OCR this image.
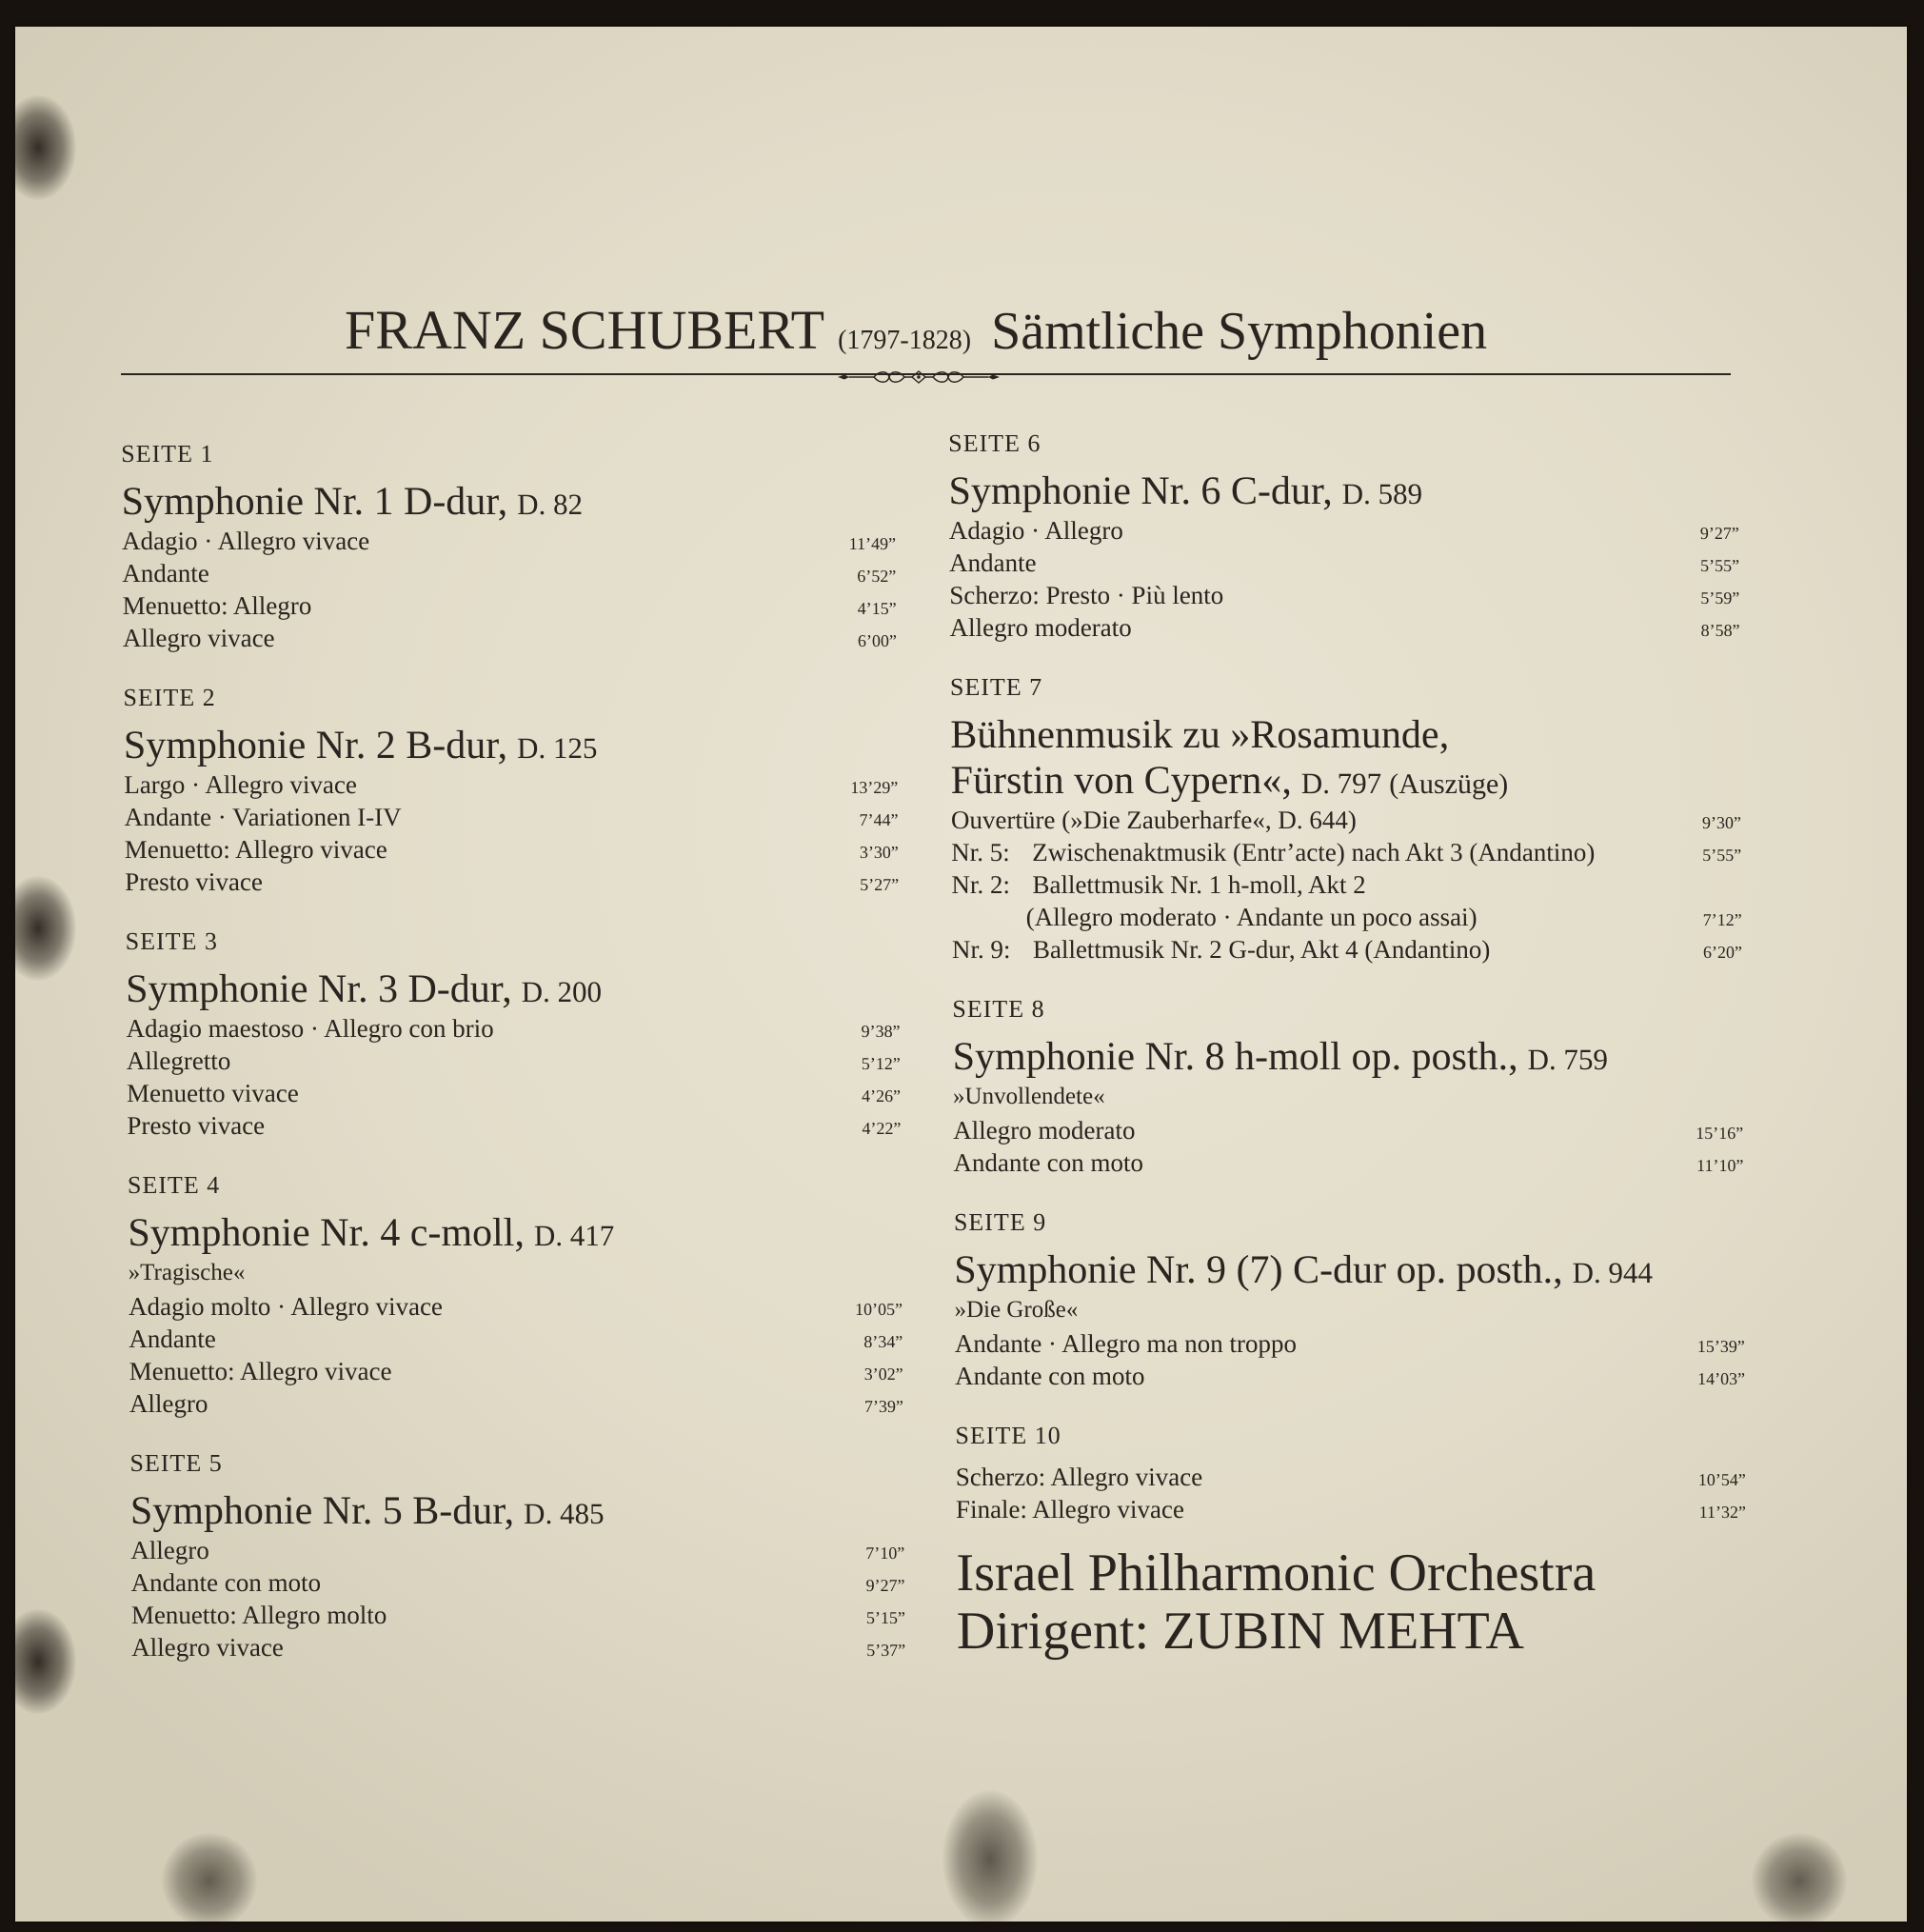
FRANZ SCHUBERT (1797-1828) Sämtliche Symphonien
SEITE 1
Symphonie Nr. 1 D-dur, D. 82
Adagio · Allegro vivace	11’49”
Andante	6’52”
Menuetto: Allegro	4’15”
Allegro vivace	6’00”
SEITE 2
Symphonie Nr. 2 B-dur, D. 125
Largo · Allegro vivace	13’29”
Andante · Variationen I-IV	7’44”
Menuetto: Allegro vivace	3’30”
Presto vivace	5’27”
SEITE 3
Symphonie Nr. 3 D-dur, D. 200
Adagio maestoso · Allegro con brio	9’38”
Allegretto	5’12”
Menuetto vivace	4’26”
Presto vivace	4’22”
SEITE 4
Symphonie Nr. 4 c-moll, D. 417
»Tragische«
Adagio molto · Allegro vivace	10’05”
Andante	8’34”
Menuetto: Allegro vivace	3’02”
Allegro	7’39”
SEITE 5
Symphonie Nr. 5 B-dur, D. 485
Allegro	7’10”
Andante con moto	9’27”
Menuetto: Allegro molto	5’15”
Allegro vivace	5’37”
SEITE 6
Symphonie Nr. 6 C-dur, D. 589
Adagio · Allegro	9’27”
Andante	5’55”
Scherzo: Presto · Più lento	5’59”
Allegro moderato	8’58”
SEITE 7
Bühnenmusik zu »Rosamunde,
Fürstin von Cypern«, D. 797 (Auszüge)
Ouvertüre (»Die Zauberharfe«, D. 644)	9’30”
Nr. 5: Zwischenaktmusik (Entr’acte) nach Akt 3 (Andantino)	5’55”
Nr. 2: Ballettmusik Nr. 1 h-moll, Akt 2
(Allegro moderato · Andante un poco assai)	7’12”
Nr. 9: Ballettmusik Nr. 2 G-dur, Akt 4 (Andantino)	6’20”
SEITE 8
Symphonie Nr. 8 h-moll op. posth., D. 759
»Unvollendete«
Allegro moderato	15’16”
Andante con moto	11’10”
SEITE 9
Symphonie Nr. 9 (7) C-dur op. posth., D. 944
»Die Große«
Andante · Allegro ma non troppo	15’39”
Andante con moto	14’03”
SEITE 10
Scherzo: Allegro vivace	10’54”
Finale: Allegro vivace	11’32”
Israel Philharmonic Orchestra
Dirigent: ZUBIN MEHTA
